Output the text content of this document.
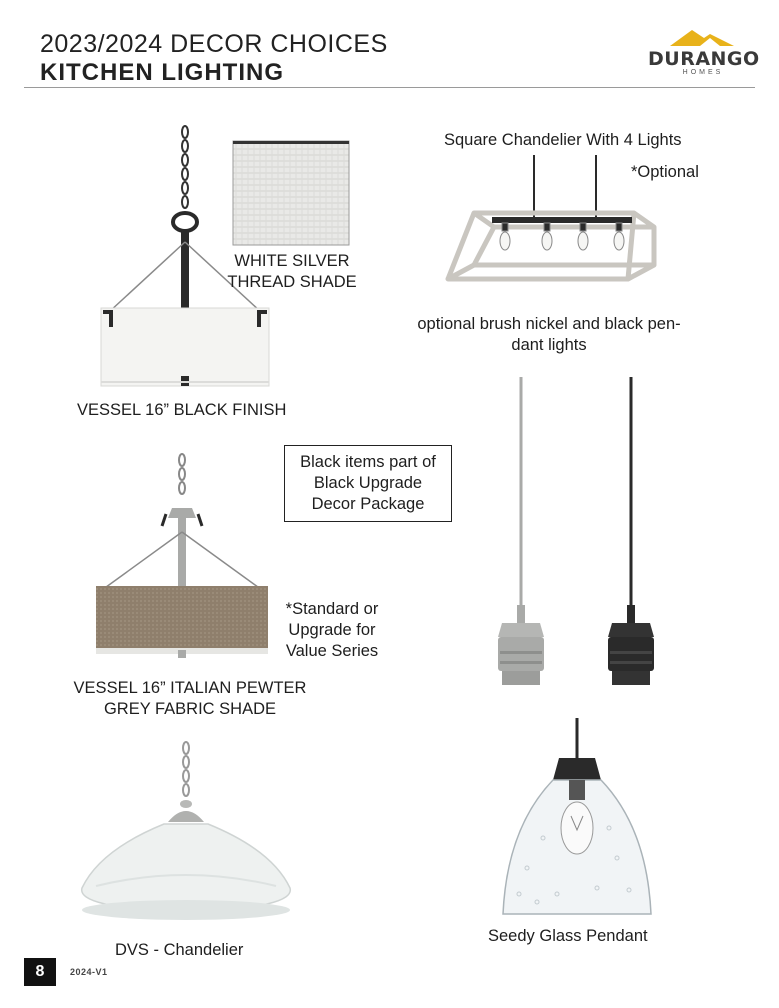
2023/2024 DECOR CHOICES
KITCHEN LIGHTING	DURANGO
HOMES
WHITE SILVER
THREAD SHADE
VESSEL 16” BLACK FINISH
Square Chandelier With 4 Lights
*Optional
optional brush nickel and black pen-
dant lights
Black items part of
Black Upgrade
Decor Package
*Standard or
Upgrade for
Value Series
VESSEL 16” ITALIAN PEWTER
GREY FABRIC SHADE
DVS - Chandelier
Seedy Glass Pendant
8	2024-V1
